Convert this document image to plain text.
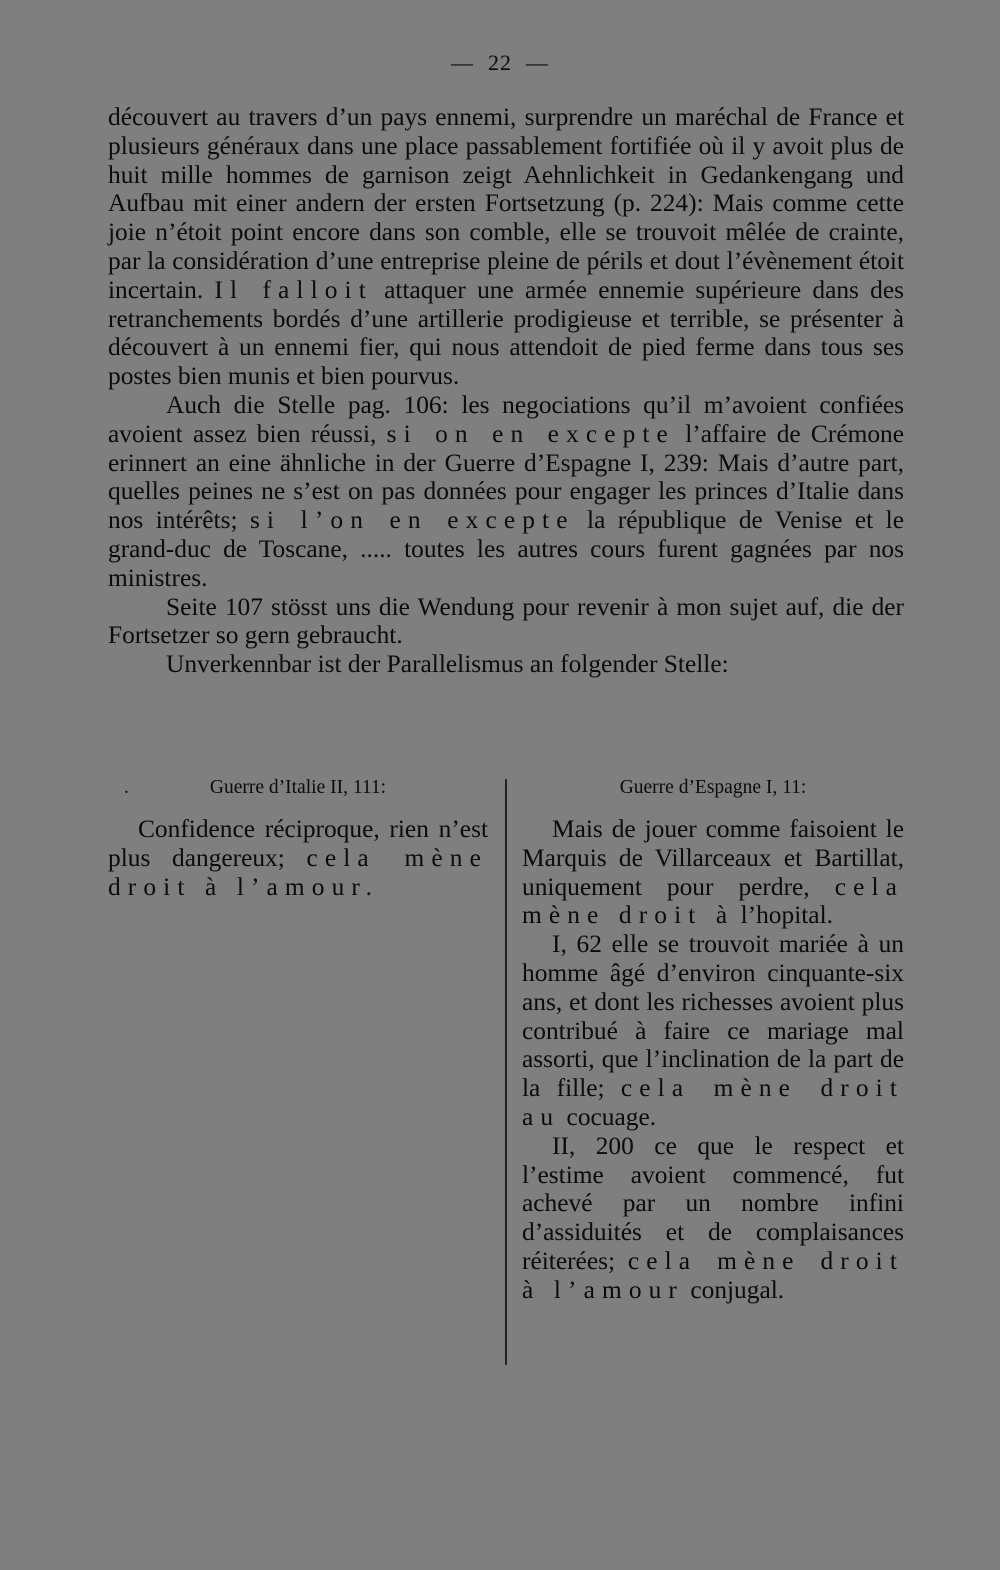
— 22 —

découvert au travers d’un pays ennemi, surprendre un maréchal de France et plusieurs généraux dans une place passablement fortifiée où il y avoit plus de huit mille hommes de garnison zeigt Aehnlichkeit in Gedankengang und Aufbau mit einer andern der ersten Fortsetzung (p. 224): Mais comme cette joie n’étoit point encore dans son comble, elle se trouvoit mêlée de crainte, par la considération d’une entreprise pleine de périls et dout l’évènement étoit incertain. Il falloit attaquer une armée ennemie supérieure dans des retranchements bordés d’une artillerie prodigieuse et terrible, se présenter à découvert à un ennemi fier, qui nous attendoit de pied ferme dans tous ses postes bien munis et bien pourvus.

Auch die Stelle pag. 106: les negociations qu’il m’avoient confiées avoient assez bien réussi, si on en excepte l’affaire de Crémone erinnert an eine ähnliche in der Guerre d’Espagne I, 239: Mais d’autre part, quelles peines ne s’est on pas données pour engager les princes d’Italie dans nos intérêts; si l’on en excepte la république de Venise et le grand-duc de Toscane, ..... toutes les autres cours furent gagnées par nos ministres.

Seite 107 stösst uns die Wendung pour revenir à mon sujet auf, die der Fortsetzer so gern gebraucht.

Unverkennbar ist der Parallelismus an folgender Stelle:

.	Guerre d’Italie II, 111:

Confidence réciproque, rien n’est plus dangereux; cela mène droit à l’amour.

Guerre d’Espagne I, 11:

Mais de jouer comme faisoient le Marquis de Villarceaux et Bartillat, uniquement pour perdre, cela mène droit à l’hopital.

I, 62 elle se trouvoit mariée à un homme âgé d’environ cinquante-six ans, et dont les richesses avoient plus contribué à faire ce mariage mal assorti, que l’inclination de la part de la fille; cela mène droit au cocuage.

II, 200 ce que le respect et l’estime avoient commencé, fut achevé par un nombre infini d’assiduités et de complaisances réiterées; cela mène droit à l’amour conjugal.
